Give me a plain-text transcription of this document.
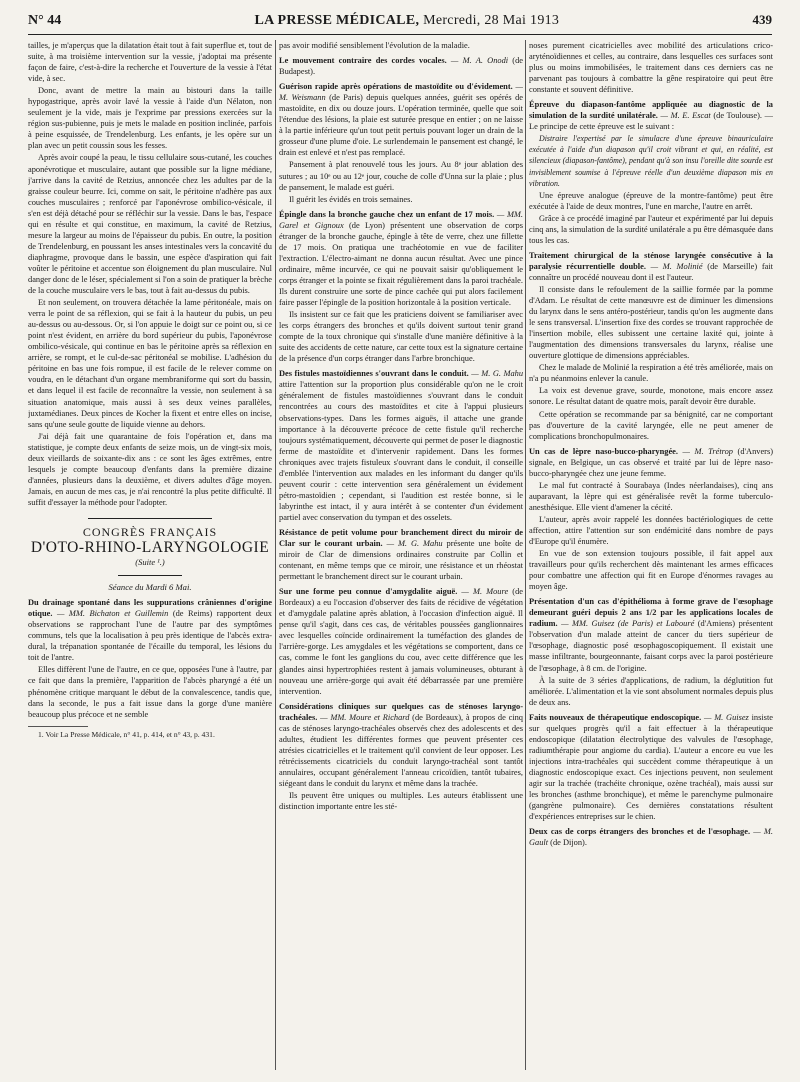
N° 44	LA PRESSE MÉDICALE, Mercredi, 28 Mai 1913	439

tailles, je m'aperçus que la dilatation était tout à fait superflue et, tout de suite, à ma troisième intervention sur la vessie, j'adoptai ma présente façon de faire, c'est-à-dire la recherche et l'ouverture de la vessie à l'état vide, à sec.

Donc, avant de mettre la main au bistouri dans la taille hypogastrique, après avoir lavé la vessie à l'aide d'un Nélaton, non seulement je la vide, mais je l'exprime par pressions exercées sur la région sus-pubienne, puis je mets le malade en position inclinée, parfois à peine esquissée, de Trendelenburg. Les enfants, je les opère sur un plan avec un petit coussin sous les fesses.

Après avoir coupé la peau, le tissu cellulaire sous-cutané, les couches aponévrotique et musculaire, autant que possible sur la ligne médiane, j'arrive dans la cavité de Retzius, annoncée chez les adultes par de la graisse couleur beurre. Ici, comme on sait, le péritoine n'adhère pas aux couches musculaires ; renforcé par l'aponévrose ombilico-vésicale, il s'en est déjà détaché pour se réfléchir sur la vessie. Dans le bas, l'espace qui en résulte et qui constitue, en maximum, la cavité de Retzius, mesure la largeur au moins de l'épaisseur du pubis. En outre, la position de Trendelenburg, en poussant les anses intestinales vers la concavité du diaphragme, provoque dans le bassin, une espèce d'aspiration qui fait voûter le péritoine et accentue son éloignement du plan musculaire. Nul danger donc de le léser, spécialement si l'on a soin de pratiquer la brèche de la couche musculaire vers le bas, tout à fait au-dessus du pubis.

Et non seulement, on trouvera détachée la lame péritonéale, mais on verra le point de sa réflexion, qui se fait à la hauteur du pubis, un peu au-dessus ou au-dessous. Or, si l'on appuie le doigt sur ce point ou, si ce point n'est évident, en arrière du bord supérieur du pubis, l'aponévrose ombilico-vésicale, qui continue en bas le péritoine après sa réflexion en arrière, se rompt, et le cul-de-sac péritonéal se mobilise. L'adhésion du péritoine en bas une fois rompue, il est facile de le relever comme on voudra, en le détachant d'un organe membraniforme qui sort du bassin, et dans lequel il est facile de reconnaître la vessie, non seulement à sa situation anatomique, mais aussi à ses deux veines parallèles, juxtamédianes. Deux pinces de Kocher la fixent et entre elles on incise, sans qu'une seule goutte de liquide vienne au dehors.

J'ai déjà fait une quarantaine de fois l'opération et, dans ma statistique, je compte deux enfants de seize mois, un de vingt-six mois, deux vieillards de soixante-dix ans : ce sont les âges extrêmes, entre lesquels je compte beaucoup d'enfants dans la première dizaine d'années, plusieurs dans la deuxième, et divers adultes d'âge moyen. Jamais, en aucun de mes cas, je n'ai rencontré la plus petite difficulté. Il suffit d'essayer la méthode pour l'adopter.

CONGRÈS FRANÇAIS
D'OTO-RHINO-LARYNGOLOGIE
(Suite ¹.)
Séance du Mardi 6 Mai.

Du drainage spontané dans les suppurations crâniennes d'origine otique. — MM. Bichaton et Guillemin (de Reims) rapportent deux observations se rapprochant l'une de l'autre par des symptômes communs, tels que la localisation à peu près identique de l'abcès extra-dural, la trépanation spontanée de l'écaille du temporal, les lésions du toit de l'antre.

Elles diffèrent l'une de l'autre, en ce que, opposées l'une à l'autre, par ce fait que dans la première, l'apparition de l'abcès pharyngé a été un phénomène critique marquant le début de la convalescence, tandis que, dans la seconde, le pus a fait issue dans la gorge d'une manière beaucoup plus précoce et ne semble

1. Voir La Presse Médicale, n° 41, p. 414, et n° 43, p. 431.

pas avoir modifié sensiblement l'évolution de la maladie.

Le mouvement contraire des cordes vocales. — M. A. Onodi (de Budapest).

Guérison rapide après opérations de mastoïdite ou d'évidement. — M. Weismann (de Paris) depuis quelques années, guérit ses opérés de mastoïdite, en dix ou douze jours. L'opération terminée, quelle que soit l'étendue des lésions, la plaie est suturée presque en entier ; on ne laisse à la partie inférieure qu'un tout petit pertuis pouvant loger un drain de la grosseur d'une plume d'oie. Le surlendemain le pansement est changé, le drain est enlevé et n'est pas remplacé.

Pansement à plat renouvelé tous les jours. Au 8ᵉ jour ablation des sutures ; au 10ᵉ ou au 12ᵉ jour, couche de colle d'Unna sur la plaie ; plus de pansement, le malade est guéri.

Il guérit les évidés en trois semaines.

Épingle dans la bronche gauche chez un enfant de 17 mois. — MM. Garel et Gignoux (de Lyon) présentent une observation de corps étranger de la bronche gauche, épingle à tête de verre, chez une fillette de 17 mois. On pratiqua une trachéotomie en vue de faciliter l'extraction. L'électro-aimant ne donna aucun résultat. Avec une pince ordinaire, même incurvée, ce qui ne pouvait saisir qu'obliquement le corps étranger et la pointe se fixait régulièrement dans la paroi trachéale. Ils durent construire une sorte de pince cachée qui put alors facilement faire passer l'épingle de la position horizontale à la position verticale.

Ils insistent sur ce fait que les praticiens doivent se familiariser avec les corps étrangers des bronches et qu'ils doivent surtout tenir grand compte de la toux chronique qui s'installe d'une manière définitive à la suite des accidents de cette nature, car cette toux est la signature certaine de la présence d'un corps étranger dans l'arbre bronchique.

Des fistules mastoïdiennes s'ouvrant dans le conduit. — M. G. Mahu attire l'attention sur la proportion plus considérable qu'on ne le croit généralement de fistules mastoïdiennes s'ouvrant dans le conduit rencontrées au cours des mastoïdites et cite à l'appui plusieurs observations-types. Dans les formes aiguës, il attache une grande importance à la découverte précoce de cette fistule qu'il recherche toujours systématiquement, découverte qui permet de poser le diagnostic ferme de mastoïdite et d'intervenir rapidement. Dans les formes chroniques avec trajets fistuleux s'ouvrant dans le conduit, il conseille d'emblée l'intervention aux malades en les informant du danger qu'ils peuvent courir : cette intervention sera généralement un évidement pétro-mastoïdien ; cependant, si l'audition est restée bonne, si le labyrinthe est intact, il y aura intérêt à se contenter d'un évidement partiel avec conservation du tympan et des osselets.

Résistance de petit volume pour branchement direct du miroir de Clar sur le courant urbain. — M. G. Mahu présente une boîte de miroir de Clar de dimensions ordinaires construite par Collin et contenant, en même temps que ce miroir, une résistance et un rhéostat permettant le branchement direct sur le courant urbain.

Sur une forme peu connue d'amygdalite aiguë. — M. Moure (de Bordeaux) a eu l'occasion d'observer des faits de récidive de végétation et d'amygdale palatine après ablation, à l'occasion d'infection aiguë. Il pense qu'il s'agit, dans ces cas, de véritables poussées ganglionnaires avec lesquelles coïncide ordinairement la tuméfaction des glandes de l'arrière-gorge. Les amygdales et les végétations se comportent, dans ce cas, comme le font les ganglions du cou, avec cette différence que les glandes ainsi hypertrophiées restent à jamais volumineuses, obturant à nouveau une arrière-gorge qui avait été débarrassée par une première intervention.

Considérations cliniques sur quelques cas de sténoses laryngo-trachéales. — MM. Moure et Richard (de Bordeaux), à propos de cinq cas de sténoses laryngo-trachéales observés chez des adolescents et des adultes, étudient les différentes formes que peuvent présenter ces atrésies cicatricielles et le traitement qu'il convient de leur opposer. Les rétrécissements cicatriciels du conduit laryngo-trachéal sont tantôt annulaires, occupant généralement l'anneau cricoïdien, tantôt tubaires, siégeant dans le conduit du larynx et même dans la trachée.

Ils peuvent être uniques ou multiples. Les auteurs établissent une distinction importante entre les sté-

noses purement cicatricielles avec mobilité des articulations crico-aryténoïdiennes et celles, au contraire, dans lesquelles ces surfaces sont plus ou moins immobilisées, le traitement dans ces derniers cas ne parvenant pas toujours à combattre la gêne respiratoire qui peut être constante et souvent définitive.

Épreuve du diapason-fantôme appliquée au diagnostic de la simulation de la surdité unilatérale. — M. E. Escat (de Toulouse). — Le principe de cette épreuve est le suivant :

Distraire l'expertisé par le simulacre d'une épreuve binauriculaire exécutée à l'aide d'un diapason qu'il croit vibrant et qui, en réalité, est silencieux (diapason-fantôme), pendant qu'à son insu l'oreille dite sourde est invisiblement soumise à l'épreuve réelle d'un deuxième diapason mis en vibration.

Une épreuve analogue (épreuve de la montre-fantôme) peut être exécutée à l'aide de deux montres, l'une en marche, l'autre en arrêt.

Grâce à ce procédé imaginé par l'auteur et expérimenté par lui depuis cinq ans, la simulation de la surdité unilatérale a pu être démasquée dans tous les cas.

Traitement chirurgical de la sténose laryngée consécutive à la paralysie récurrentielle double. — M. Molinié (de Marseille) fait connaître un procédé nouveau dont il est l'auteur.

Il consiste dans le refoulement de la saillie formée par la pomme d'Adam. Le résultat de cette manœuvre est de diminuer les dimensions du larynx dans le sens antéro-postérieur, tandis qu'on les augmente dans le sens transversal. L'insertion fixe des cordes se trouvant rapprochée de l'insertion mobile, elles subissent une certaine laxité qui, jointe à l'augmentation des dimensions transversales du larynx, réalise une ouverture glottique de dimensions appréciables.

Chez le malade de Molinié la respiration a été très améliorée, mais on n'a pu néanmoins enlever la canule.

La voix est devenue grave, sourde, monotone, mais encore assez sonore. Le résultat datant de quatre mois, paraît devoir être durable.

Cette opération se recommande par sa bénignité, car ne comportant pas d'ouverture de la cavité laryngée, elle ne peut amener de complications bronchopulmonaires.

Un cas de lèpre naso-bucco-pharyngée. — M. Trétrop (d'Anvers) signale, en Belgique, un cas observé et traité par lui de lèpre naso-bucco-pharyngée chez une jeune femme.

Le mal fut contracté à Sourabaya (Indes néerlandaises), cinq ans auparavant, la lèpre qui est généralisée revêt la forme tuberculo-anesthésique. Elle vient d'amener la cécité.

L'auteur, après avoir rappelé les données bactériologiques de cette affection, attire l'attention sur son endémicité dans nombre de pays d'Europe qu'il énumère.

En vue de son extension toujours possible, il fait appel aux travailleurs pour qu'ils recherchent dès maintenant les armes efficaces pour combattre une affection qui fit en Europe d'énormes ravages au moyen âge.

Présentation d'un cas d'épithélioma à forme grave de l'œsophage demeurant guéri depuis 2 ans 1/2 par les applications locales de radium. — MM. Guisez (de Paris) et Labouré (d'Amiens) présentent l'observation d'un malade atteint de cancer du tiers supérieur de l'œsophage, diagnostic posé œsophagoscopiquement. Il existait une masse infiltrante, bourgeonnante, faisant corps avec la paroi postérieure de l'œsophage, à 8 cm. de l'origine.

À la suite de 3 séries d'applications, de radium, la déglutition fut améliorée. L'alimentation et la vie sont absolument normales depuis plus de deux ans.

Faits nouveaux de thérapeutique endoscopique. — M. Guisez insiste sur quelques progrès qu'il a fait effectuer à la thérapeutique endoscopique (dilatation électrolytique des valvules de l'œsophage, radiumthérapie pour angiome du cardia). L'auteur a encore eu vue les injections intra-trachéales qui succèdent comme thérapeutique à un diagnostic endoscopique exact. Ces injections peuvent, non seulement agir sur la trachée (trachéite chronique, ozène trachéal), mais aussi sur les bronches (asthme bronchique), et même le parenchyme pulmonaire (gangrène pulmonaire). Ces dernières constatations résultent d'expériences entreprises sur le chien.

Deux cas de corps étrangers des bronches et de l'œsophage. — M. Gault (de Dijon).
